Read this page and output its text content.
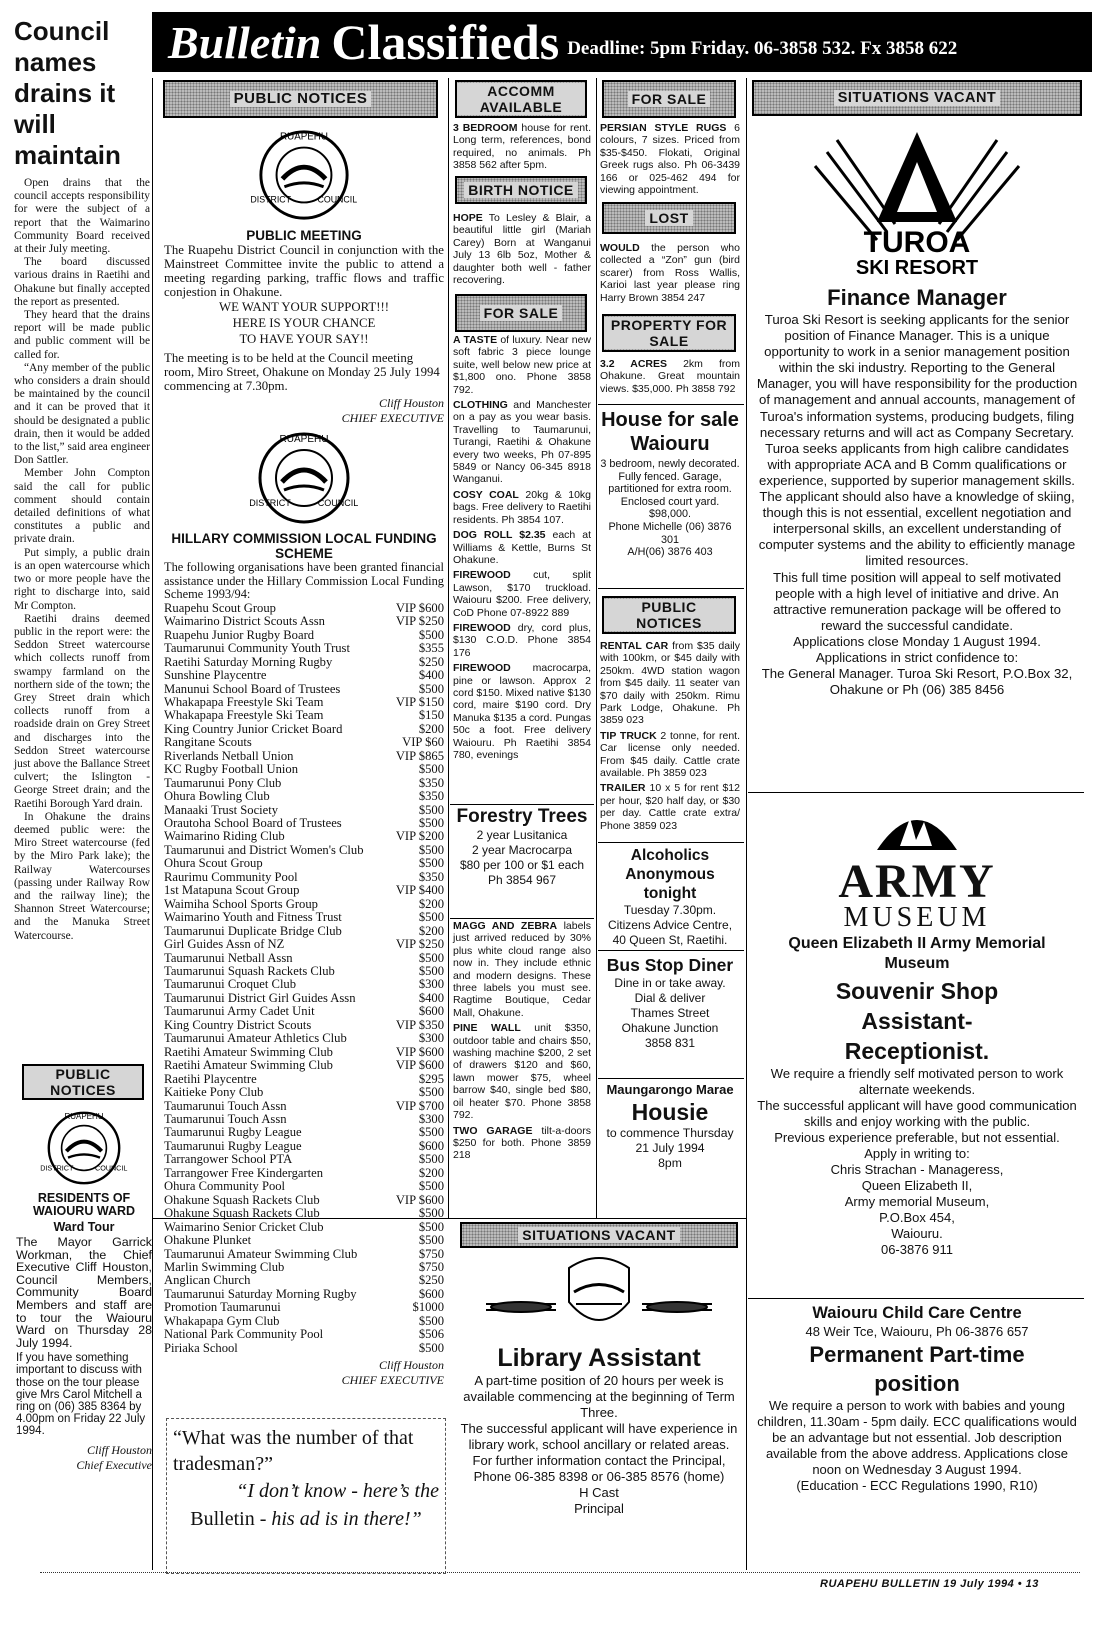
Bulletin Classifieds Deadline: 5pm Friday. 06-3858 532. Fx 3858 622
Council names drains it will maintain

Open drains that the council accepts responsibility for were the subject of a report that the Waimarino Community Board received at their July meeting.

The board discussed various drains in Raetihi and Ohakune but finally accepted the report as presented.

They heard that the drains report will be made public and public comment will be called for.

“Any member of the public who considers a drain should be maintained by the council and it can be proved that it should be designated a public drain, then it would be added to the list,” said area engineer Don Sattler.

Member John Compton said the call for public comment should contain detailed definitions of what constitutes a public and private drain.

Put simply, a public drain is an open watercourse which two or more people have the right to discharge into, said Mr Compton.

Raetihi drains deemed public in the report were: the Seddon Street watercourse which collects runoff from swampy farmland on the northern side of the town; the Grey Street drain which collects runoff from a roadside drain on Grey Street and discharges into the Seddon Street watercourse just above the Ballance Street culvert; the Islington - George Street drain; and the Raetihi Borough Yard drain.

In Ohakune the drains deemed public were: the Miro Street watercourse (fed by the Miro Park lake); the Railway Watercourses (passing under Railway Row and the railway line); the Shannon Street Watercourse; and the Manuka Street Watercourse.

PUBLIC NOTICES
RUAPEHU
DISTRICT COUNCIL
RESIDENTS OF WAIOURU WARD
Ward Tour
The Mayor Garrick Workman, the Chief Executive Cliff Houston, Council Members, Community Board Members and staff are to tour the Waiouru Ward on Thursday 28 July 1994.
If you have something important to discuss with those on the tour please give Mrs Carol Mitchell a ring on (06) 385 8364 by 4.00pm on Friday 22 July 1994.
Cliff Houston
Chief Executive
PUBLIC NOTICES
RUAPEHU
DISTRICT	COUNCIL
PUBLIC MEETING
The Ruapehu District Council in conjunction with the Mainstreet Committee invite the public to attend a meeting regarding parking, traffic flows and traffic conjestion in Ohakune.
WE WANT YOUR SUPPORT!!!
HERE IS YOUR CHANCE
TO HAVE YOUR SAY!!
The meeting is to be held at the Council meeting room, Miro Street, Ohakune on Monday 25 July 1994 commencing at 7.30pm.
Cliff Houston
CHIEF EXECUTIVE
RUAPEHU
DISTRICT	COUNCIL
HILLARY COMMISSION LOCAL FUNDING SCHEME
The following organisations have been granted financial assistance under the Hillary Commission Local Funding Scheme 1993/94:
Ruapehu Scout Group	VIP $600
Waimarino District Scouts Assn	VIP $250
Ruapehu Junior Rugby Board	$500
Taumarunui Community Youth Trust	$355
Raetihi Saturday Morning Rugby	$250
Sunshine Playcentre	$400
Manunui School Board of Trustees	$500
Whakapapa Freestyle Ski Team	VIP $150
Whakapapa Freestyle Ski Team	$150
King Country Junior Cricket Board	$200
Rangitane Scouts	VIP $60
Riverlands Netball Union	VIP $865
KC Rugby Football Union	$500
Taumarunui Pony Club	$350
Ohura Bowling Club	$350
Manaaki Trust Society	$500
Orautoha School Board of Trustees	$500
Waimarino Riding Club	VIP $200
Taumarunui and District Women's Club	$500
Ohura Scout Group	$500
Raurimu Community Pool	$350
1st Matapuna Scout Group	VIP $400
Waimiha School Sports Group	$200
Waimarino Youth and Fitness Trust	$500
Taumarunui Duplicate Bridge Club	$200
Girl Guides Assn of NZ	VIP $250
Taumarunui Netball Assn	$500
Taumarunui Squash Rackets Club	$500
Taumarunui Croquet Club	$300
Taumarunui District Girl Guides Assn	$400
Taumarunui Army Cadet Unit	$600
King Country District Scouts	VIP $350
Taumarunui Amateur Athletics Club	$300
Raetihi Amateur Swimming Club	VIP $600
Raetihi Amateur Swimming Club	VIP $600
Raetihi Playcentre	$295
Kaitieke Pony Club	$500
Taumarunui Touch Assn	VIP $700
Taumarunui Touch Assn	$300
Taumarunui Rugby League	$500
Taumarunui Rugby League	$600
Tarrangower School PTA	$500
Tarrangower Free Kindergarten	$200
Ohura Community Pool	$500
Ohakune Squash Rackets Club	VIP $600
Ohakune Squash Rackets Club	$500
Waimarino Senior Cricket Club	$500
Ohakune Plunket	$500
Taumarunui Amateur Swimming Club	$750
Marlin Swimming Club	$750
Anglican Church	$250
Taumarunui Saturday Morning Rugby	$600
Promotion Taumarunui	$1000
Whakapapa Gym Club	$500
National Park Community Pool	$506
Piriaka School	$500
Cliff Houston
CHIEF EXECUTIVE
“What was the number of that tradesman?”
“I don’t know - here’s the
Bulletin - his ad is in there!”
ACCOMM AVAILABLE
3 BEDROOM house for rent. Long term, references, bond required, no animals. Ph 3858 562 after 5pm.
BIRTH NOTICE
HOPE To Lesley & Blair, a beautiful little girl (Mariah Carey) Born at Wanganui July 13 6lb 5oz, Mother & daughter both well - father recovering.
FOR SALE
A TASTE of luxury. Near new soft fabric 3 piece lounge suite, well below new price at $1,800 ono. Phone 3858 792.
CLOTHING and Manchester on a pay as you wear basis. Travelling to Taumarunui, Turangi, Raetihi & Ohakune every two weeks, Ph 07-895 5849 or Nancy 06-345 8918 Wanganui.
COSY COAL 20kg & 10kg bags. Free delivery to Raetihi residents. Ph 3854 107.
DOG ROLL $2.35 each at Williams & Kettle, Burns St Ohakune.
FIREWOOD cut, split Lawson, $170 truckload. Waiouru $200. Free delivery, CoD Phone 07-8922 889
FIREWOOD dry, cord plus, $130 C.O.D. Phone 3854 176
FIREWOOD macrocarpa, pine or lawson. Approx 2 cord $150. Mixed native $130 cord, maire $190 cord. Dry Manuka $135 a cord. Pungas 50c a foot. Free delivery Waiouru. Ph Raetihi 3854 780, evenings
Forestry Trees
2 year Lusitanica
2 year Macrocarpa
$80 per 100 or $1 each
Ph 3854 967
MAGG AND ZEBRA labels just arrived reduced by 30% plus white cloud range also now in. They include ethnic and modern designs. These three labels you must see. Ragtime Boutique, Cedar Mall, Ohakune.
PINE WALL unit $350, outdoor table and chairs $50, washing machine $200, 2 set of drawers $120 and $60, lawn mower $75, wheel barrow $40, single bed $80, oil heater $70. Phone 3858 792.
TWO GARAGE tilt-a-doors $250 for both. Phone 3859 218
FOR SALE
PERSIAN STYLE RUGS 6 colours, 7 sizes. Priced from $35-$450. Flokati, Original Greek rugs also. Ph 06-3439 166 or 025-462 494 for viewing appointment.
LOST
WOULD the person who collected a “Zon” gun (bird scarer) from Ross Wallis, Karioi last year please ring Harry Brown 3854 247
PROPERTY FOR SALE
3.2 ACRES 2km from Ohakune. Great mountain views. $35,000. Ph 3858 792
House for sale
Waiouru
3 bedroom, newly decorated. Fully fenced. Garage, partitioned for extra room. Enclosed court yard. $98,000.
Phone Michelle (06) 3876 301
A/H(06) 3876 403
PUBLIC NOTICES
RENTAL CAR from $35 daily with 100km, or $45 daily with 250km. 4WD station wagon from $45 daily. 11 seater van $70 daily with 250km. Rimu Park Lodge, Ohakune. Ph 3859 023
TIP TRUCK 2 tonne, for rent. Car license only needed. From $45 daily. Cattle crate available. Ph 3859 023
TRAILER 10 x 5 for rent $12 per hour, $20 half day, or $30 per day. Cattle crate extra/ Phone 3859 023
Alcoholics Anonymous tonight
Tuesday 7.30pm.
Citizens Advice Centre,
40 Queen St, Raetihi.
Bus Stop Diner
Dine in or take away.
Dial & deliver
Thames Street
Ohakune Junction
3858 831
Maungarongo Marae
Housie
to commence Thursday 21 July 1994
8pm
SITUATIONS VACANT
Library Assistant
A part-time position of 20 hours per week is available commencing at the beginning of Term Three.
The successful applicant will have experience in library work, school ancillary or related areas.
For further information contact the Principal, Phone 06-385 8398 or 06-385 8576 (home)
H Cast
Principal
SITUATIONS VACANT
TUROA
SKI RESORT
Finance Manager
Turoa Ski Resort is seeking applicants for the senior position of Finance Manager. This is a unique opportunity to work in a senior management position within the ski industry. Reporting to the General Manager, you will have responsibility for the production of management and annual accounts, management of Turoa's information systems, producing budgets, filing necessary returns and will act as Company Secretary.
Turoa seeks applicants from high calibre candidates with appropriate ACA and B Comm qualifications or experience, supported by superior management skills. The applicant should also have a knowledge of skiing, though this is not essential, excellent negotiation and interpersonal skills, an excellent understanding of computer systems and the ability to efficiently manage limited resources.
This full time position will appeal to self motivated people with a high level of initiative and drive. An attractive remuneration package will be offered to reward the successful candidate.
Applications close Monday 1 August 1994.
Applications in strict confidence to:
The General Manager. Turoa Ski Resort, P.O.Box 32, Ohakune or Ph (06) 385 8456
ARMY
MUSEUM
Queen Elizabeth II Army Memorial Museum
Souvenir Shop Assistant-Receptionist.
We require a friendly self motivated person to work alternate weekends.
The successful applicant will have good communication skills and enjoy working with the public.
Previous experience preferable, but not essential.
Apply in writing to:
Chris Strachan - Manageress,
Queen Elizabeth II,
Army memorial Museum,
P.O.Box 454,
Waiouru.
06-3876 911
Waiouru Child Care Centre
48 Weir Tce, Waiouru, Ph 06-3876 657
Permanent Part-time position
We require a person to work with babies and young children, 11.30am - 5pm daily. ECC qualifications would be an advantage but not essential. Job description available from the above address. Applications close noon on Wednesday 3 August 1994.
(Education - ECC Regulations 1990, R10)
RUAPEHU BULLETIN 19 July 1994 • 13
